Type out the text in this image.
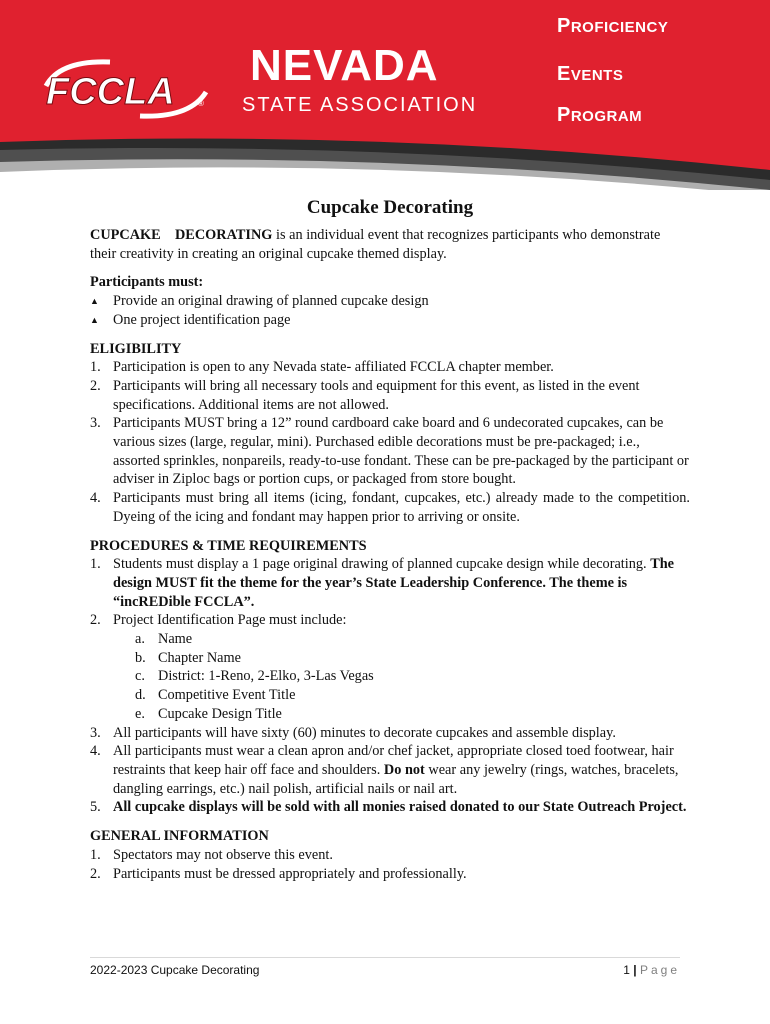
FCCLA	®
NEVADA
STATE ASSOCIATION
PROFICIENCY
EVENTS
PROGRAM
Cupcake Decorating

CUPCAKE    DECORATING is an individual event that recognizes participants who demonstrate their creativity in creating an original cupcake themed display.

Participants must:

▲ Provide an original drawing of planned cupcake design
▲ One project identification page

ELIGIBILITY

1. Participation is open to any Nevada state- affiliated FCCLA chapter member.
2. Participants will bring all necessary tools and equipment for this event, as listed in the event specifications. Additional items are not allowed.
3. Participants MUST bring a 12” round cardboard cake board and 6 undecorated cupcakes, can be various sizes (large, regular, mini). Purchased edible decorations must be pre-packaged; i.e., assorted sprinkles, nonpareils, ready-to-use fondant. These can be pre-packaged by the participant or adviser in Ziploc bags or portion cups, or packaged from store bought.
4. Participants must bring all items (icing, fondant, cupcakes, etc.) already made to the competition. Dyeing of the icing and fondant may happen prior to arriving or onsite.

PROCEDURES & TIME REQUIREMENTS

1. Students must display a 1 page original drawing of planned cupcake design while decorating. The design MUST fit the theme for the year’s State Leadership Conference. The theme is “incREDible FCCLA”.
2. Project Identification Page must include:
a. Name
b. Chapter Name
c. District: 1-Reno, 2-Elko, 3-Las Vegas
d. Competitive Event Title
e. Cupcake Design Title
3. All participants will have sixty (60) minutes to decorate cupcakes and assemble display.
4. All participants must wear a clean apron and/or chef jacket, appropriate closed toed footwear, hair restraints that keep hair off face and shoulders. Do not wear any jewelry (rings, watches, bracelets, dangling earrings, etc.) nail polish, artificial nails or nail art.
5. All cupcake displays will be sold with all monies raised donated to our State Outreach Project.

GENERAL INFORMATION

1. Spectators may not observe this event.
2. Participants must be dressed appropriately and professionally.
2022-2023 Cupcake Decorating	1 | Page
